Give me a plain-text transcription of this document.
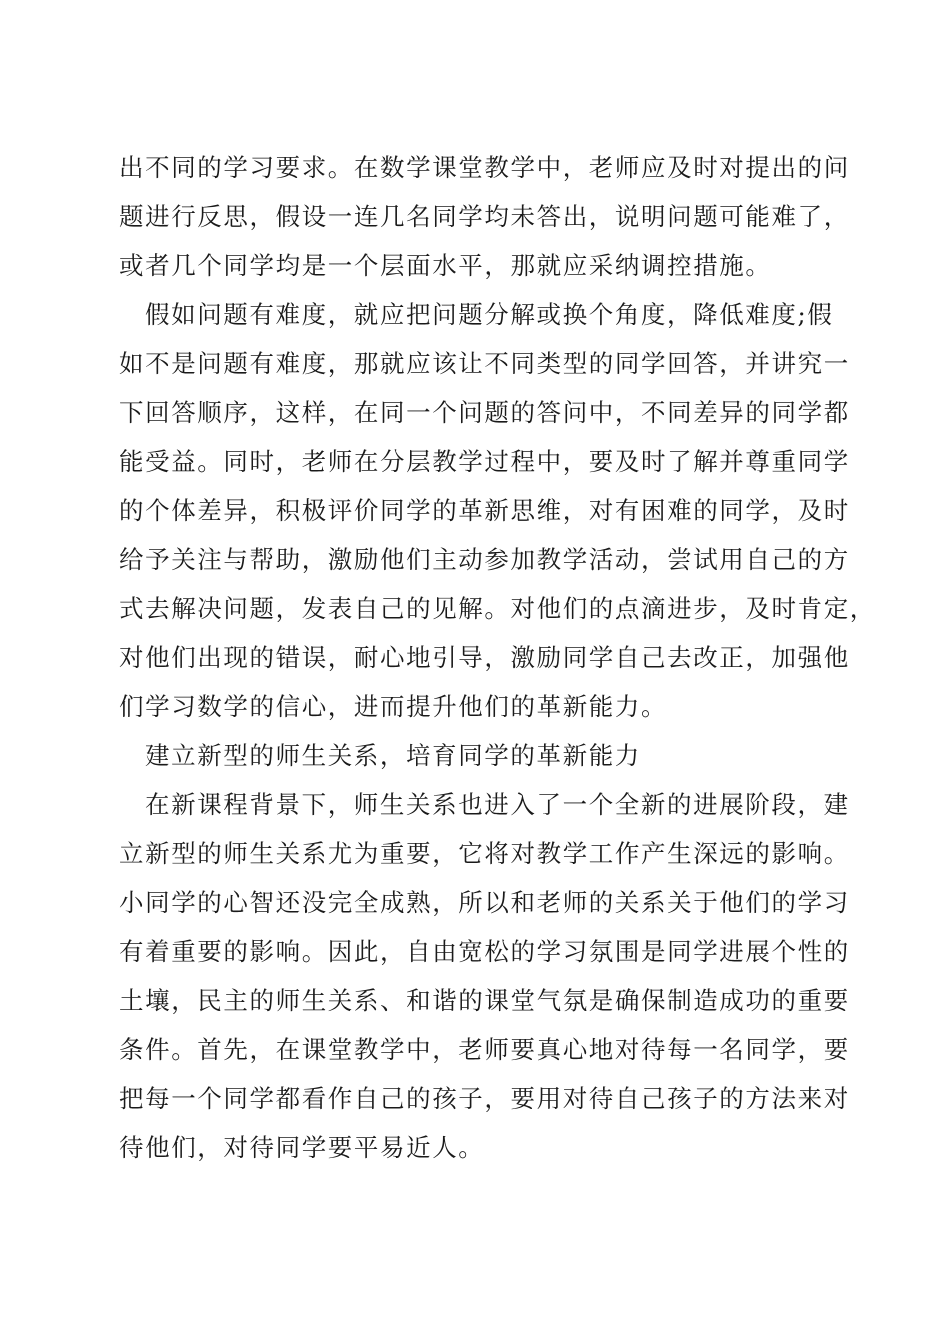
出不同的学习要求。在数学课堂教学中，老师应及时对提出的问
题进行反思，假设一连几名同学均未答出，说明问题可能难了，
或者几个同学均是一个层面水平，那就应采纳调控措施。
假如问题有难度，就应把问题分解或换个角度，降低难度;假
如不是问题有难度，那就应该让不同类型的同学回答，并讲究一
下回答顺序，这样，在同一个问题的答问中，不同差异的同学都
能受益。同时，老师在分层教学过程中，要及时了解并尊重同学
的个体差异，积极评价同学的革新思维，对有困难的同学，及时
给予关注与帮助，激励他们主动参加教学活动，尝试用自己的方
式去解决问题，发表自己的见解。对他们的点滴进步，及时肯定，
对他们出现的错误，耐心地引导，激励同学自己去改正，加强他
们学习数学的信心，进而提升他们的革新能力。
建立新型的师生关系，培育同学的革新能力
在新课程背景下，师生关系也进入了一个全新的进展阶段，建
立新型的师生关系尤为重要，它将对教学工作产生深远的影响。
小同学的心智还没完全成熟，所以和老师的关系关于他们的学习
有着重要的影响。因此，自由宽松的学习氛围是同学进展个性的
土壤，民主的师生关系、和谐的课堂气氛是确保制造成功的重要
条件。首先，在课堂教学中，老师要真心地对待每一名同学，要
把每一个同学都看作自己的孩子，要用对待自己孩子的方法来对
待他们，对待同学要平易近人。
